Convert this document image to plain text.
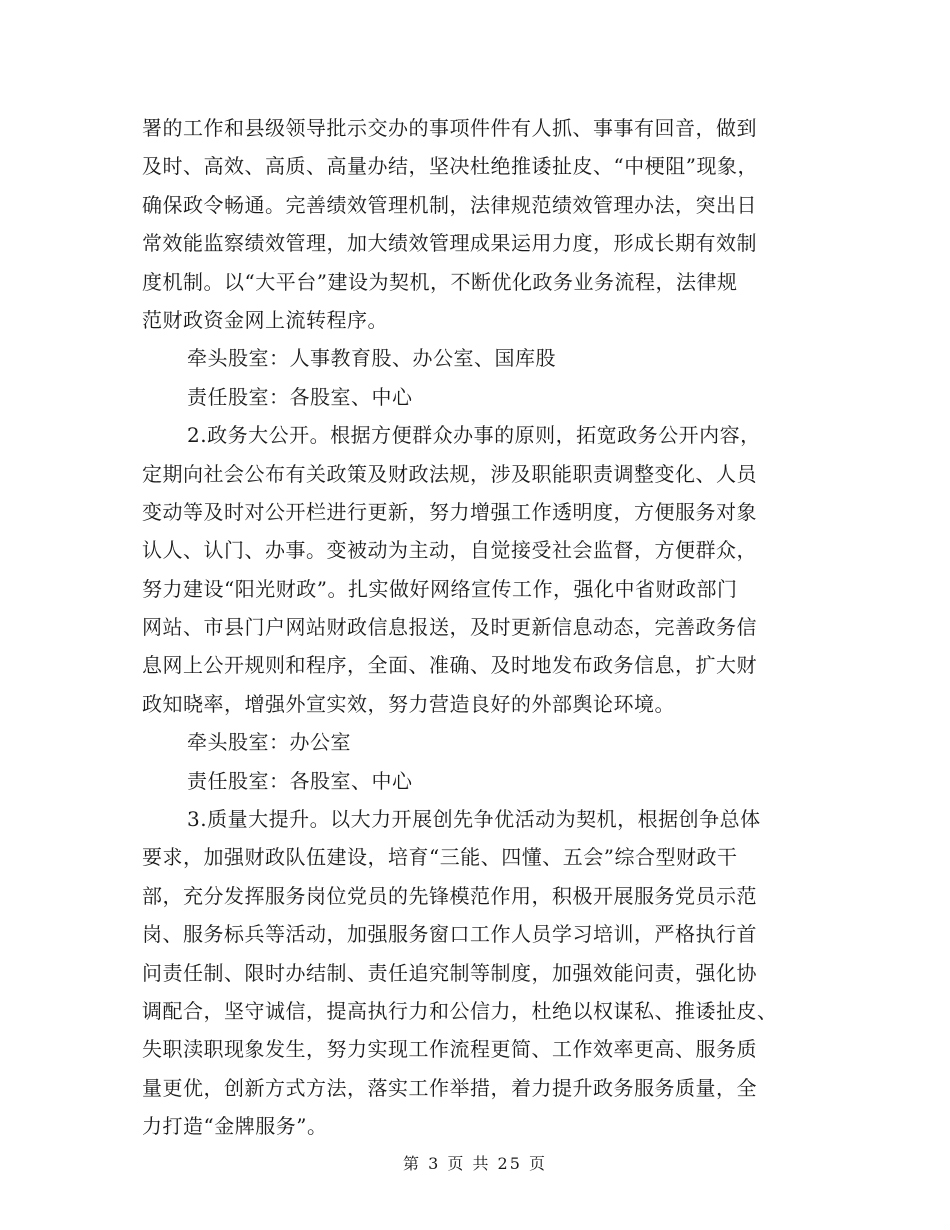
署的工作和县级领导批示交办的事项件件有人抓、事事有回音，做到
及时、高效、高质、高量办结，坚决杜绝推诿扯皮、“中梗阻”现象，
确保政令畅通。完善绩效管理机制，法律规范绩效管理办法，突出日
常效能监察绩效管理，加大绩效管理成果运用力度，形成长期有效制
度机制。以“大平台”建设为契机，不断优化政务业务流程，法律规
范财政资金网上流转程序。
牵头股室：人事教育股、办公室、国库股
责任股室：各股室、中心
2.政务大公开。根据方便群众办事的原则，拓宽政务公开内容，
定期向社会公布有关政策及财政法规，涉及职能职责调整变化、人员
变动等及时对公开栏进行更新，努力增强工作透明度，方便服务对象
认人、认门、办事。变被动为主动，自觉接受社会监督，方便群众，
努力建设“阳光财政”。扎实做好网络宣传工作，强化中省财政部门
网站、市县门户网站财政信息报送，及时更新信息动态，完善政务信
息网上公开规则和程序，全面、准确、及时地发布政务信息，扩大财
政知晓率，增强外宣实效，努力营造良好的外部舆论环境。
牵头股室：办公室
责任股室：各股室、中心
3.质量大提升。以大力开展创先争优活动为契机，根据创争总体
要求，加强财政队伍建设，培育“三能、四懂、五会”综合型财政干
部，充分发挥服务岗位党员的先锋模范作用，积极开展服务党员示范
岗、服务标兵等活动，加强服务窗口工作人员学习培训，严格执行首
问责任制、限时办结制、责任追究制等制度，加强效能问责，强化协
调配合，坚守诚信，提高执行力和公信力，杜绝以权谋私、推诿扯皮、
失职渎职现象发生，努力实现工作流程更简、工作效率更高、服务质
量更优，创新方式方法，落实工作举措，着力提升政务服务质量，全
力打造“金牌服务”。
第 3 页 共 25 页
